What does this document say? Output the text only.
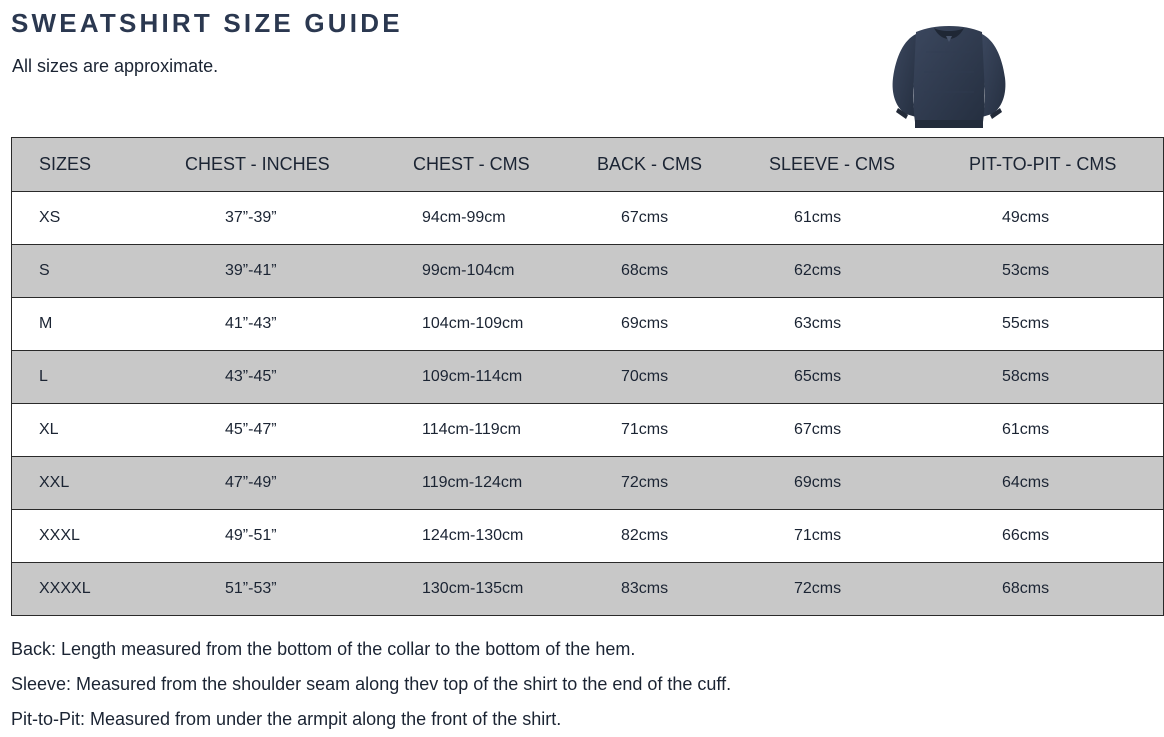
SWEATSHIRT SIZE GUIDE

All sizes are approximate.

SIZES	CHEST - INCHES	CHEST - CMS	BACK - CMS	SLEEVE - CMS	PIT-TO-PIT - CMS
XS	37”-39”	94cm-99cm	67cms	61cms	49cms
S	39”-41”	99cm-104cm	68cms	62cms	53cms
M	41”-43”	104cm-109cm	69cms	63cms	55cms
L	43”-45”	109cm-114cm	70cms	65cms	58cms
XL	45”-47”	114cm-119cm	71cms	67cms	61cms
XXL	47”-49”	119cm-124cm	72cms	69cms	64cms
XXXL	49”-51”	124cm-130cm	82cms	71cms	66cms
XXXXL	51”-53”	130cm-135cm	83cms	72cms	68cms

Back: Length measured from the bottom of the collar to the bottom of the hem.

Sleeve: Measured from the shoulder seam along thev top of the shirt to the end of the cuff.

Pit-to-Pit: Measured from under the armpit along the front of the shirt.
